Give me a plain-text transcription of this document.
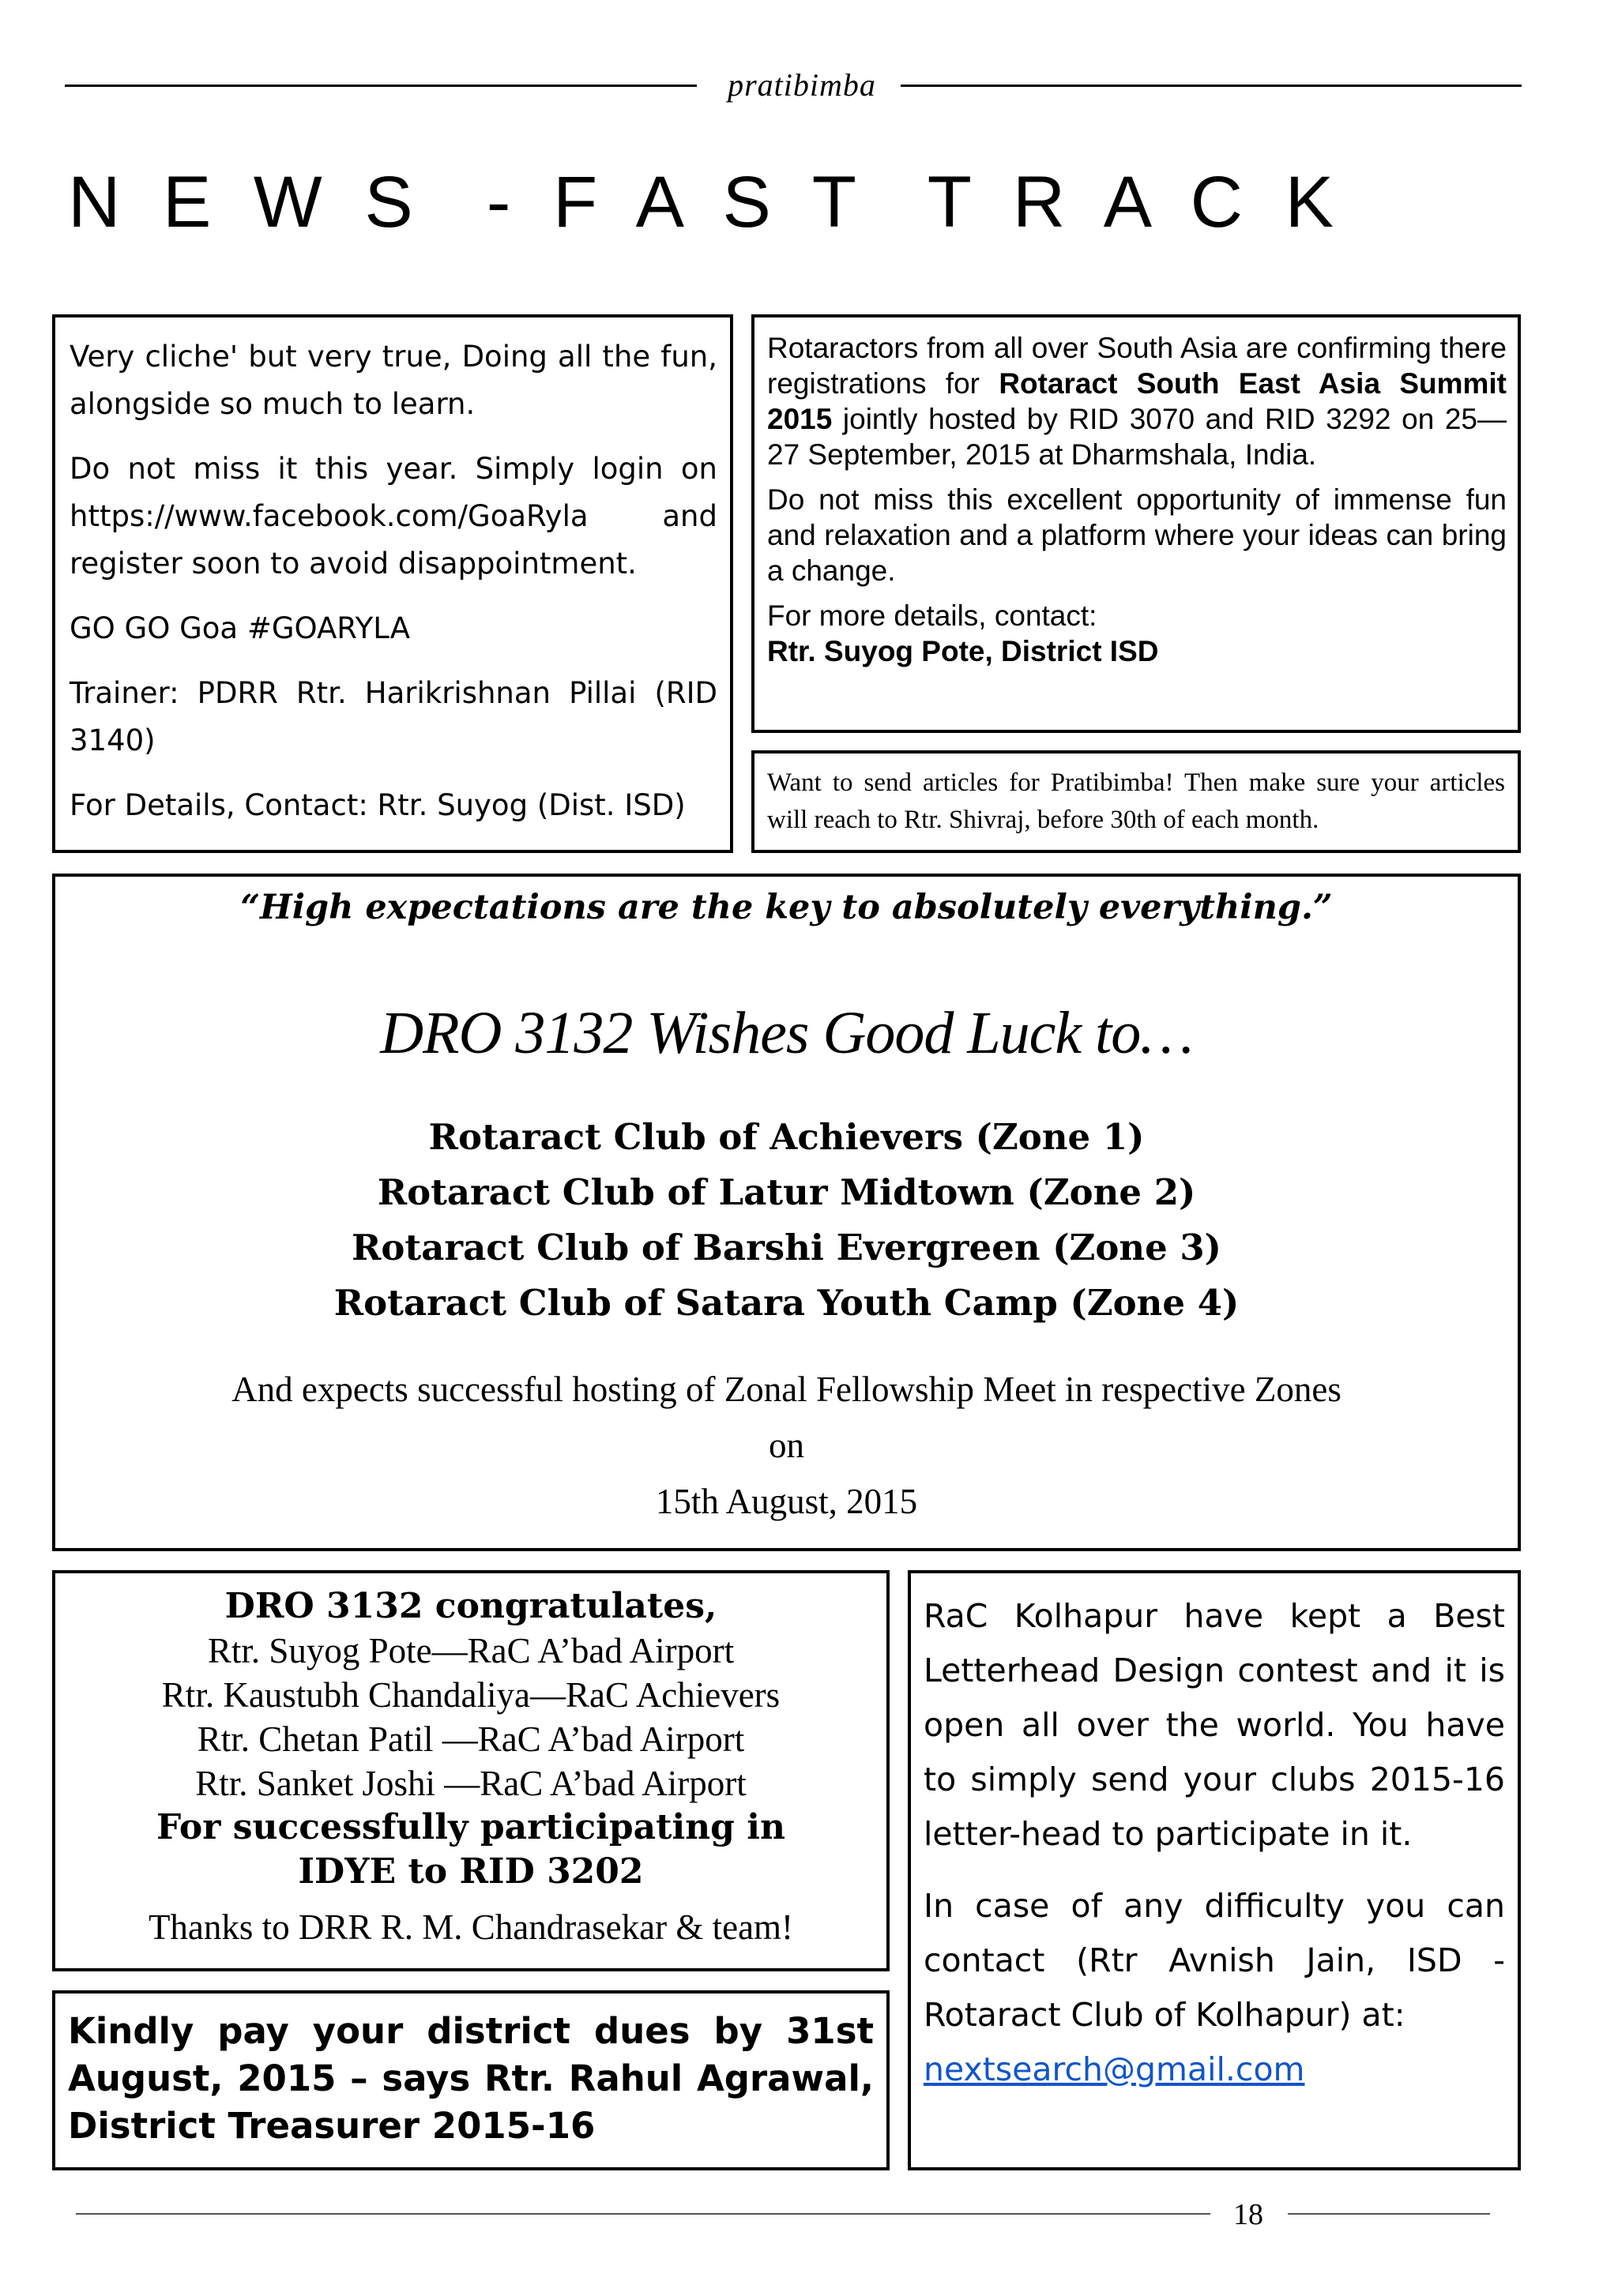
pratibimba
N E W S  - F A S T  T R A C K

Very cliche' but very true, Doing all the fun, alongside so much to learn.

Do not miss it this year. Simply login on https://www.facebook.com/GoaRyla	and register soon to avoid disappointment.

GO GO Goa #GOARYLA

Trainer: PDRR Rtr. Harikrishnan Pillai (RID 3140)

For Details, Contact: Rtr. Suyog (Dist. ISD)

Rotaractors from all over South Asia are confirming there registrations for Rotaract South East Asia Summit 2015 jointly hosted by RID 3070 and RID 3292 on 25—27 September, 2015 at Dharmshala, India.

Do not miss this excellent opportunity of immense fun and relaxation and a platform where your ideas can bring a change.

For more details, contact:

Rtr. Suyog Pote, District ISD

Want to send articles for Pratibimba! Then make sure your articles will reach to Rtr. Shivraj, before 30th of each month.

“High expectations are the key to absolutely everything.”
DRO 3132 Wishes Good Luck to…
Rotaract Club of Achievers (Zone 1)
Rotaract Club of Latur Midtown (Zone 2)
Rotaract Club of Barshi Evergreen (Zone 3)
Rotaract Club of Satara Youth Camp (Zone 4)
And expects successful hosting of Zonal Fellowship Meet in respective Zones
on
15th August, 2015
DRO 3132 congratulates,
Rtr. Suyog Pote—RaC A’bad Airport
Rtr. Kaustubh Chandaliya—RaC Achievers
Rtr. Chetan Patil —RaC A’bad Airport
Rtr. Sanket Joshi —RaC A’bad Airport
For successfully participating in
IDYE to RID 3202
Thanks to DRR R. M. Chandrasekar & team!

Kindly pay your district dues by 31st August, 2015 – says Rtr. Rahul Agrawal, District Treasurer 2015-16

RaC Kolhapur have kept a Best Letterhead Design contest and it is open all over the world. You have to simply send your clubs 2015-16 letter-head to participate in it.

In case of any difficulty you can contact (Rtr Avnish Jain, ISD - Rotaract Club of Kolhapur) at:

nextsearch@gmail.com

18
